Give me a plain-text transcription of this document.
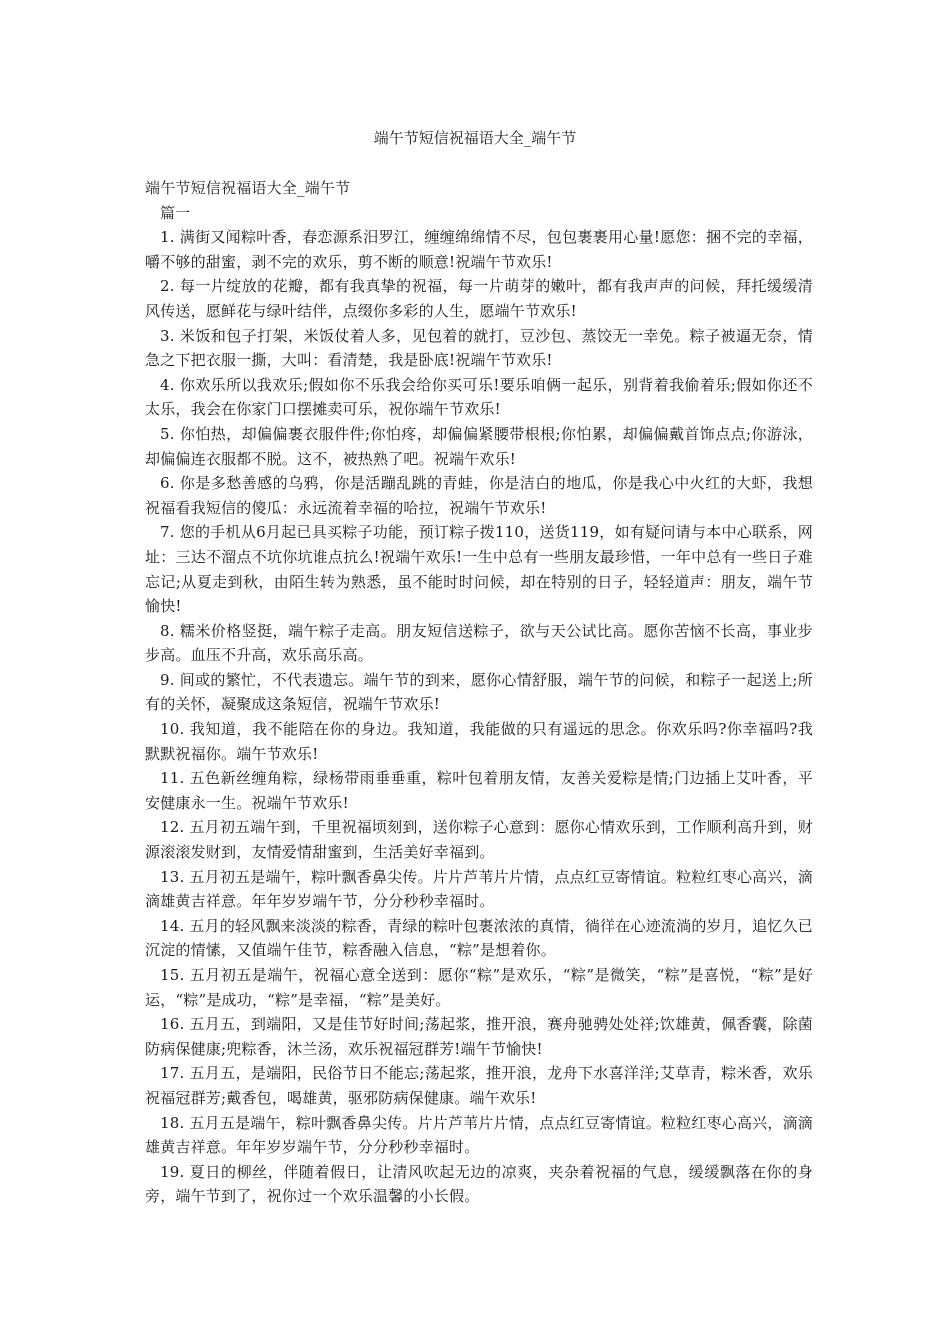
端午节短信祝福语大全_端午节

端午节短信祝福语大全_端午节

篇一

1. 满街又闻粽叶香，春恋源系汨罗江，缠缠绵绵情不尽，包包裹裹用心量!愿您：捆不完的幸福，嚼不够的甜蜜，剥不完的欢乐，剪不断的顺意!祝端午节欢乐!

2. 每一片绽放的花瓣，都有我真挚的祝福，每一片萌芽的嫩叶，都有我声声的问候，拜托缓缓清风传送，愿鲜花与绿叶结伴，点缀你多彩的人生，愿端午节欢乐!

3. 米饭和包子打架，米饭仗着人多，见包着的就打，豆沙包、蒸饺无一幸免。粽子被逼无奈，情急之下把衣服一撕，大叫：看清楚，我是卧底!祝端午节欢乐!

4. 你欢乐所以我欢乐;假如你不乐我会给你买可乐!要乐咱俩一起乐，别背着我偷着乐;假如你还不太乐，我会在你家门口摆摊卖可乐，祝你端午节欢乐!

5. 你怕热，却偏偏裹衣服件件;你怕疼，却偏偏紧腰带根根;你怕累，却偏偏戴首饰点点;你游泳，却偏偏连衣服都不脱。这不，被热熟了吧。祝端午欢乐!

6. 你是多愁善感的乌鸦，你是活蹦乱跳的青蛙，你是洁白的地瓜，你是我心中火红的大虾，我想祝福看我短信的傻瓜：永远流着幸福的哈拉，祝端午节欢乐!

7. 您的手机从6月起已具买粽子功能，预订粽子拨110，送货119，如有疑问请与本中心联系，网址：三达不溜点不坑你坑谁点抗么!祝端午欢乐!一生中总有一些朋友最珍惜，一年中总有一些日子难忘记;从夏走到秋，由陌生转为熟悉，虽不能时时问候，却在特别的日子，轻轻道声：朋友，端午节愉快!

8. 糯米价格竖挺，端午粽子走高。朋友短信送粽子，欲与天公试比高。愿你苦恼不长高，事业步步高。血压不升高，欢乐高乐高。

9. 间或的繁忙，不代表遗忘。端午节的到来，愿你心情舒服，端午节的问候，和粽子一起送上;所有的关怀，凝聚成这条短信，祝端午节欢乐!

10. 我知道，我不能陪在你的身边。我知道，我能做的只有遥远的思念。你欢乐吗?你幸福吗?我默默祝福你。端午节欢乐!

11. 五色新丝缠角粽，绿杨带雨垂垂重，粽叶包着朋友情，友善关爱粽是情;门边插上艾叶香，平安健康永一生。祝端午节欢乐!

12. 五月初五端午到，千里祝福顷刻到，送你粽子心意到：愿你心情欢乐到，工作顺利高升到，财源滚滚发财到，友情爱情甜蜜到，生活美好幸福到。

13. 五月初五是端午，粽叶飘香鼻尖传。片片芦苇片片情，点点红豆寄情谊。粒粒红枣心高兴，滴滴雄黄吉祥意。年年岁岁端午节，分分秒秒幸福时。

14. 五月的轻风飘来淡淡的粽香，青绿的粽叶包裹浓浓的真情，徜徉在心迹流淌的岁月，追忆久已沉淀的情愫，又值端午佳节，粽香融入信息，“粽”是想着你。

15. 五月初五是端午，祝福心意全送到：愿你“粽”是欢乐，“粽”是微笑，“粽”是喜悦，“粽”是好运，“粽”是成功，“粽”是幸福，“粽”是美好。

16. 五月五，到端阳，又是佳节好时间;荡起浆，推开浪，赛舟驰骋处处祥;饮雄黄，佩香囊，除菌防病保健康;兜粽香，沐兰汤，欢乐祝福冠群芳!端午节愉快!

17. 五月五，是端阳，民俗节日不能忘;荡起浆，推开浪，龙舟下水喜洋洋;艾草青，粽米香，欢乐祝福冠群芳;戴香包，喝雄黄，驱邪防病保健康。端午欢乐!

18. 五月五是端午，粽叶飘香鼻尖传。片片芦苇片片情，点点红豆寄情谊。粒粒红枣心高兴，滴滴雄黄吉祥意。年年岁岁端午节，分分秒秒幸福时。

19. 夏日的柳丝，伴随着假日，让清风吹起无边的凉爽，夹杂着祝福的气息，缓缓飘落在你的身旁，端午节到了，祝你过一个欢乐温馨的小长假。
